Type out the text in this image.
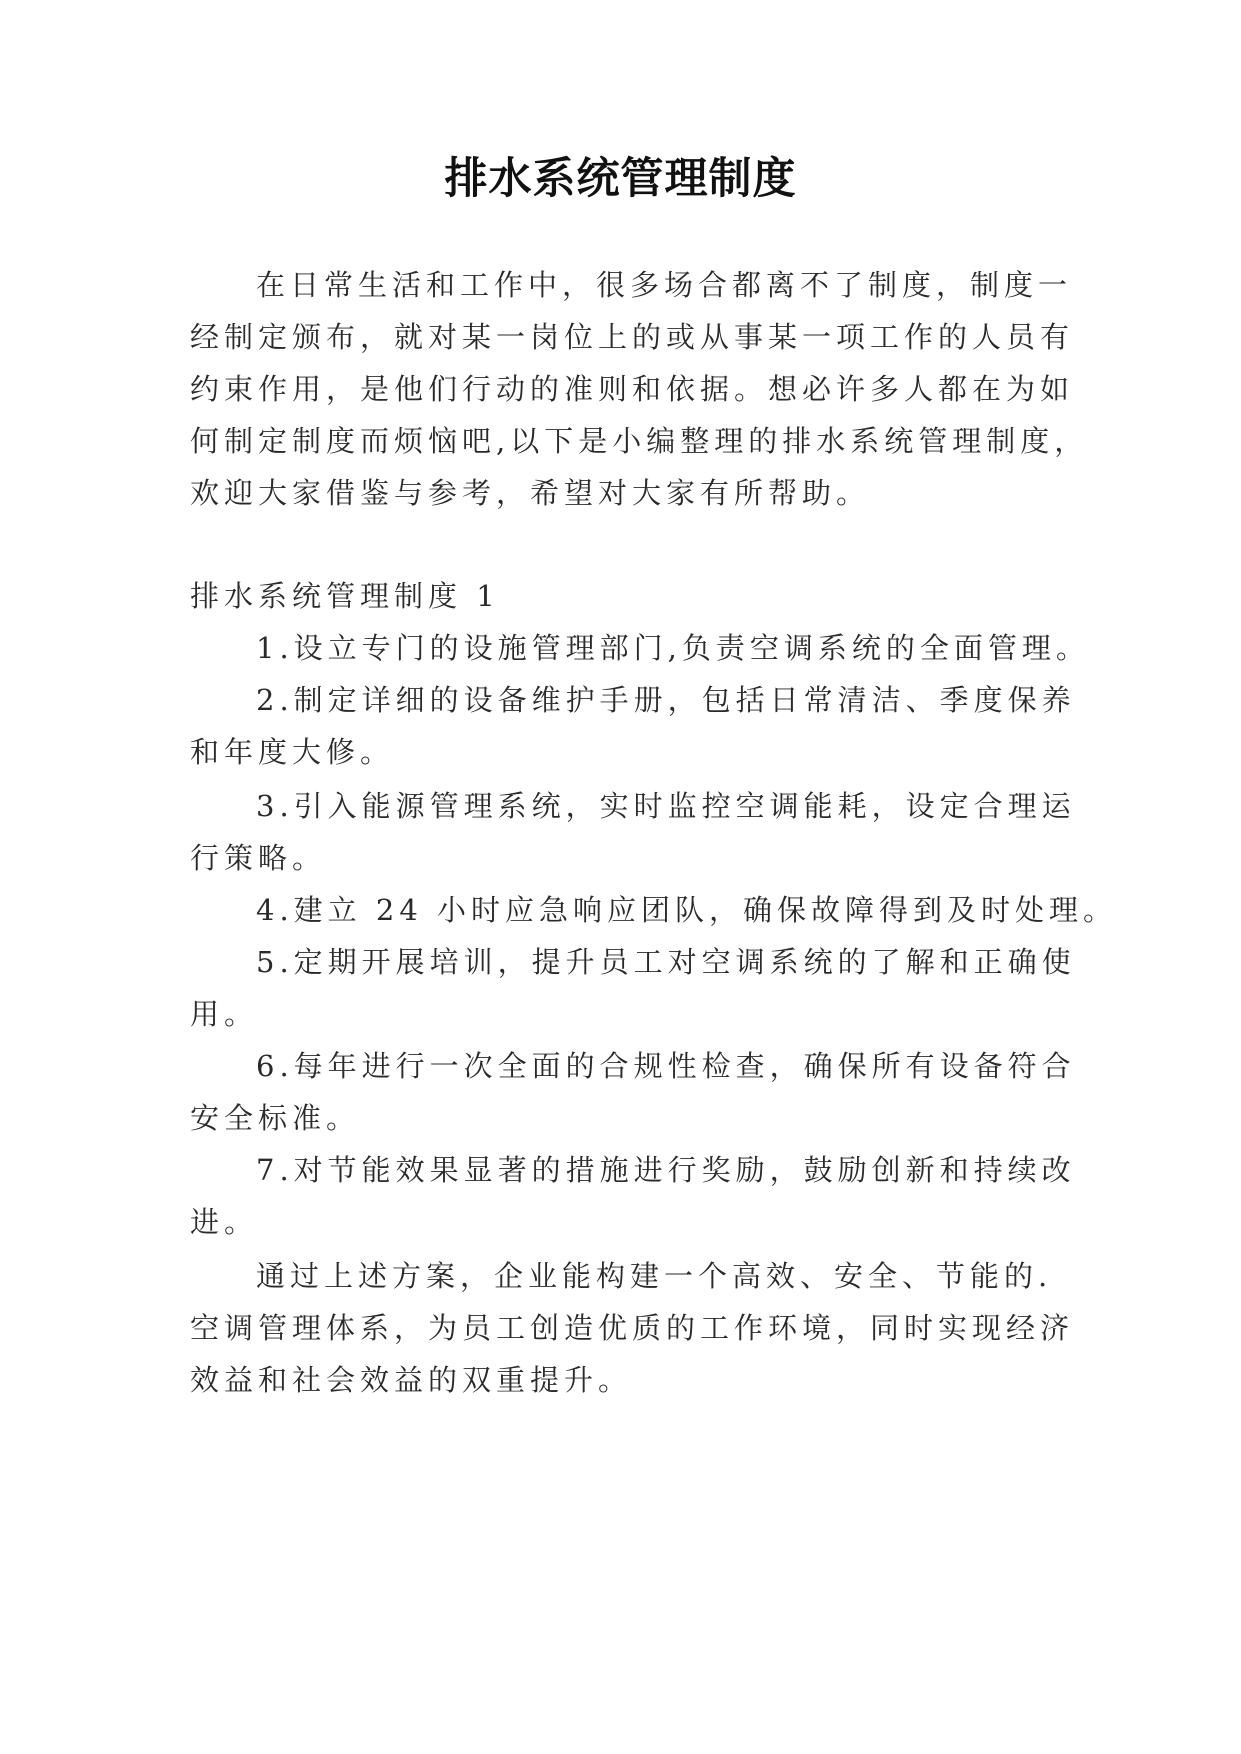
排水系统管理制度
在日常生活和工作中，很多场合都离不了制度，制度一
经制定颁布，就对某一岗位上的或从事某一项工作的人员有
约束作用，是他们行动的准则和依据。想必许多人都在为如
何制定制度而烦恼吧,以下是小编整理的排水系统管理制度，
欢迎大家借鉴与参考，希望对大家有所帮助。
排水系统管理制度 1
1.设立专门的设施管理部门,负责空调系统的全面管理。
2.制定详细的设备维护手册，包括日常清洁、季度保养
和年度大修。
3.引入能源管理系统，实时监控空调能耗，设定合理运
行策略。
4.建立 24 小时应急响应团队，确保故障得到及时处理。
5.定期开展培训，提升员工对空调系统的了解和正确使
用。
6.每年进行一次全面的合规性检查，确保所有设备符合
安全标准。
7.对节能效果显著的措施进行奖励，鼓励创新和持续改
进。
通过上述方案，企业能构建一个高效、安全、节能的.
空调管理体系，为员工创造优质的工作环境，同时实现经济
效益和社会效益的双重提升。
